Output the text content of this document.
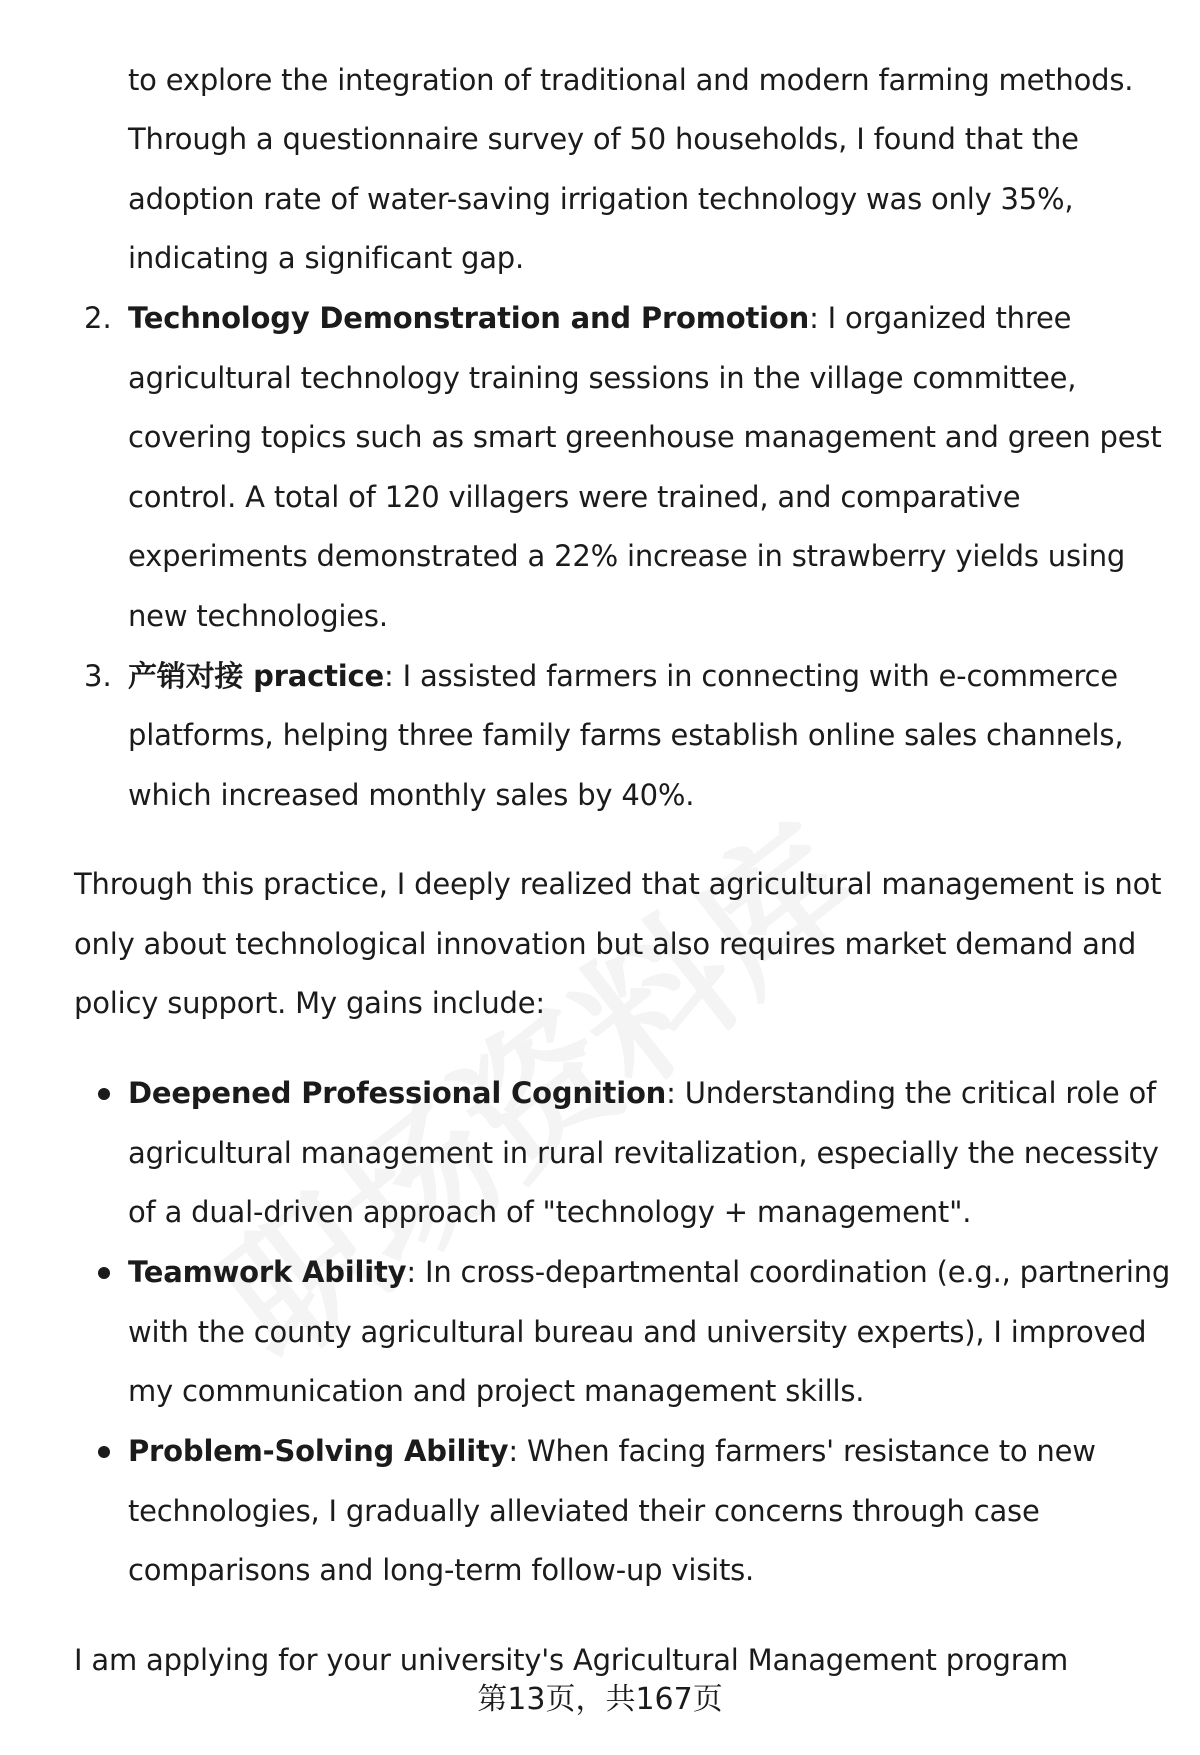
to explore the integration of traditional and modern farming methods.
Through a questionnaire survey of 50 households, I found that the
adoption rate of water-saving irrigation technology was only 35%,
indicating a significant gap.
2. Technology Demonstration and Promotion: I organized three
agricultural technology training sessions in the village committee,
covering topics such as smart greenhouse management and green pest
control. A total of 120 villagers were trained, and comparative
experiments demonstrated a 22% increase in strawberry yields using
new technologies.
3. 产销对接 practice: I assisted farmers in connecting with e-commerce
platforms, helping three family farms establish online sales channels,
which increased monthly sales by 40%.
Through this practice, I deeply realized that agricultural management is not
only about technological innovation but also requires market demand and
policy support. My gains include:
Deepened Professional Cognition: Understanding the critical role of
agricultural management in rural revitalization, especially the necessity
of a dual-driven approach of "technology + management".
Teamwork Ability: In cross-departmental coordination (e.g., partnering
with the county agricultural bureau and university experts), I improved
my communication and project management skills.
Problem-Solving Ability: When facing farmers' resistance to new
technologies, I gradually alleviated their concerns through case
comparisons and long-term follow-up visits.
I am applying for your university's Agricultural Management program
第13页，共167页
